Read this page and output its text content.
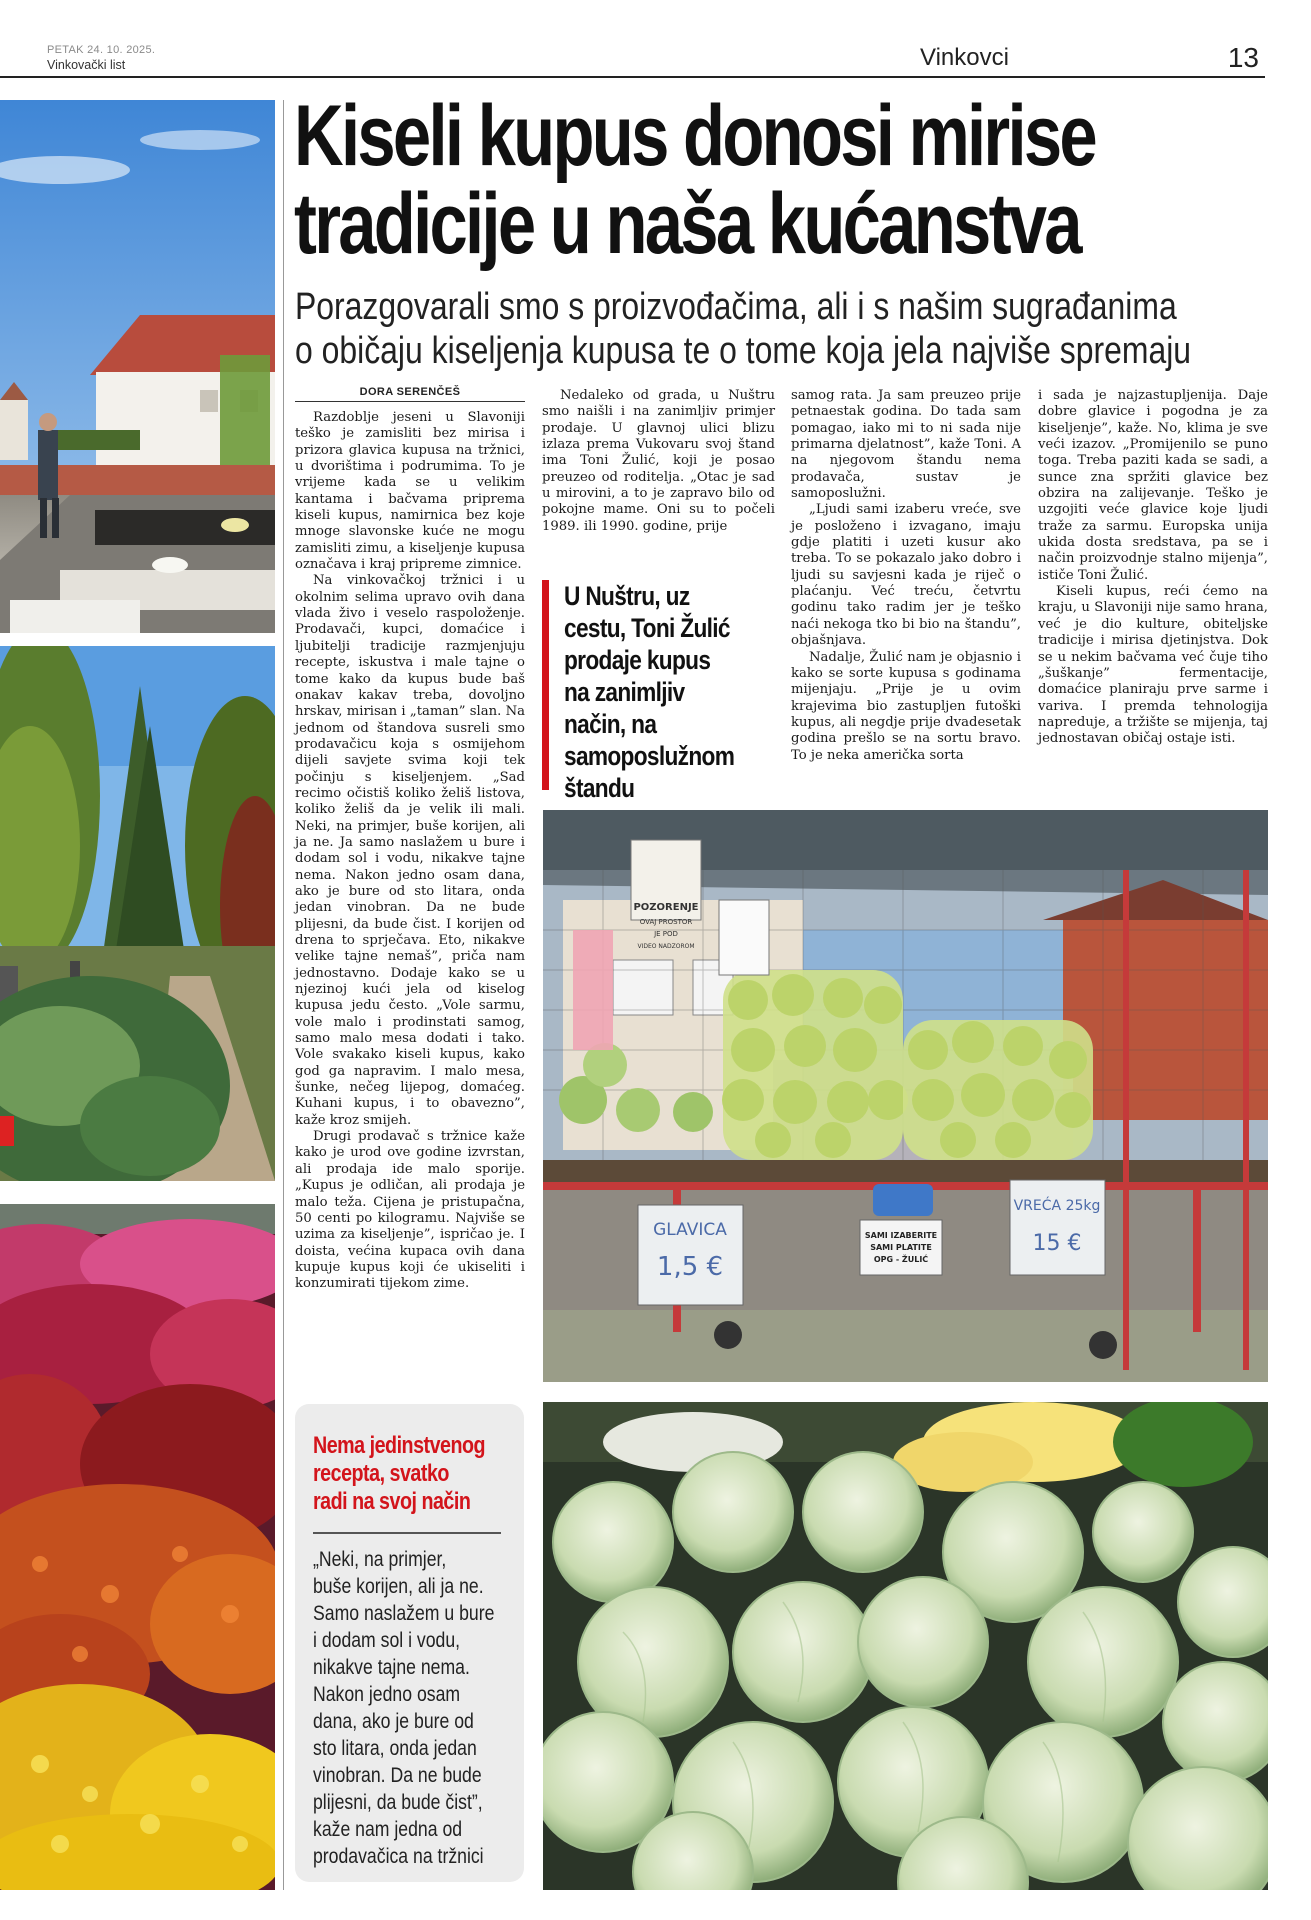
PETAK 24. 10. 2025.
Vinkovački list	Vinkovci	13
Kiseli kupus donosi mirise
tradicije u naša kućanstva
Porazgovarali smo s proizvođačima, ali i s našim sugrađanima
o običaju kiseljenja kupusa te o tome koja jela najviše spremaju
DORA SERENČEŠ

Razdoblje jeseni u Slavoniji teško je zamisliti bez mirisa i prizora glavica kupusa na tržnici, u dvorištima i podrumima. To je vrijeme kada se u velikim kantama i bačvama priprema kiseli kupus, namirnica bez koje mnoge slavonske kuće ne mogu zamisliti zimu, a kiseljenje kupusa označava i kraj pripreme zimnice.

Na vinkovačkoj tržnici i u okolnim selima upravo ovih dana vlada živo i veselo raspoloženje. Prodavači, kupci, domaćice i ljubitelji tradicije razmjenjuju recepte, iskustva i male tajne o tome kako da kupus bude baš onakav kakav treba, dovoljno hrskav, mirisan i „taman” slan. Na jednom od štandova susreli smo prodavačicu koja s osmijehom dijeli savjete svima koji tek počinju s kiseljenjem. „Sad recimo očistiš koliko želiš listova, koliko želiš da je velik ili mali. Neki, na primjer, buše korijen, ali ja ne. Ja samo naslažem u bure i dodam sol i vodu, nikakve tajne nema. Nakon jedno osam dana, ako je bure od sto litara, onda jedan vinobran. Da ne bude plijesni, da bude čist. I korijen od drena to sprječava. Eto, nikakve velike tajne nemaš”, priča nam jednostavno. Dodaje kako se u njezinoj kući jela od kiselog kupusa jedu često. „Vole sarmu, vole malo i prodinstati samog, samo malo mesa dodati i tako. Vole svakako kiseli kupus, kako god ga napravim. I malo mesa, šunke, nečeg lijepog, domaćeg. Kuhani kupus, i to obavezno”, kaže kroz smijeh.

Drugi prodavač s tržnice kaže kako je urod ove godine izvrstan, ali prodaja ide malo sporije. „Kupus je odličan, ali prodaja je malo teža. Cijena je pristupačna, 50 centi po kilogramu. Najviše se uzima za kiseljenje”, ispričao je. I doista, većina kupaca ovih dana kupuje kupus koji će ukiseliti i konzumirati tijekom zime.

Nedaleko od grada, u Nuštru smo naišli i na zanimljiv primjer prodaje. U glavnoj ulici blizu izlaza prema Vukovaru svoj štand ima Toni Žulić, koji je posao preuzeo od roditelja. „Otac je sad u mirovini, a to je zapravo bilo od pokojne mame. Oni su to počeli 1989. ili 1990. godine, prije

samog rata. Ja sam preuzeo prije petnaestak godina. Do tada sam pomagao, iako mi to ni sada nije primarna djelatnost”, kaže Toni. A na njegovom štandu nema prodavača, sustav je samoposlužni.

„Ljudi sami izaberu vreće, sve je posloženo i izvagano, imaju gdje platiti i uzeti kusur ako treba. To se pokazalo jako dobro i ljudi su savjesni kada je riječ o plaćanju. Već treću, četvrtu godinu tako radim jer je teško naći nekoga tko bi bio na štandu”, objašnjava.

Nadalje, Žulić nam je objasnio i kako se sorte kupusa s godinama mijenjaju. „Prije je u ovim krajevima bio zastupljen futoški kupus, ali negdje prije dvadesetak godina prešlo se na sortu bravo. To je neka američka sorta

i sada je najzastupljenija. Daje dobre glavice i pogodna je za kiseljenje”, kaže. No, klima je sve veći izazov. „Promijenilo se puno toga. Treba paziti kada se sadi, a sunce zna spržiti glavice bez obzira na zalijevanje. Teško je uzgojiti veće glavice koje ljudi traže za sarmu. Europska unija ukida dosta sredstava, pa se i način proizvodnje stalno mijenja”, ističe Toni Žulić.

Kiseli kupus, reći ćemo na kraju, u Slavoniji nije samo hrana, već je dio kulture, obiteljske tradicije i mirisa djetinjstva. Dok se u nekim bačvama već čuje tiho „šuškanje” fermentacije, domaćice planiraju prve sarme i variva. I premda tehnologija napreduje, a tržište se mijenja, taj jednostavan običaj ostaje isti.

U Nuštru, uz
cestu, Toni Žulić
prodaje kupus
na zanimljiv
način, na
samoposlužnom
štandu
POZORENJE
OVAJ PROSTOR
JE POD
VIDEO NADZOROM
GLAVICA
1,5 €
VREĆA 25kg
15 €
SAMI IZABERITE
SAMI PLATITE
OPG - ŽULIĆ
Nema jedinstvenog
recepta, svatko
radi na svoj način
„Neki, na primjer,
buše korijen, ali ja ne.
Samo naslažem u bure
i dodam sol i vodu,
nikakve tajne nema.
Nakon jedno osam
dana, ako je bure od
sto litara, onda jedan
vinobran. Da ne bude
plijesni, da bude čist”,
kaže nam jedna od
prodavačica na tržnici
